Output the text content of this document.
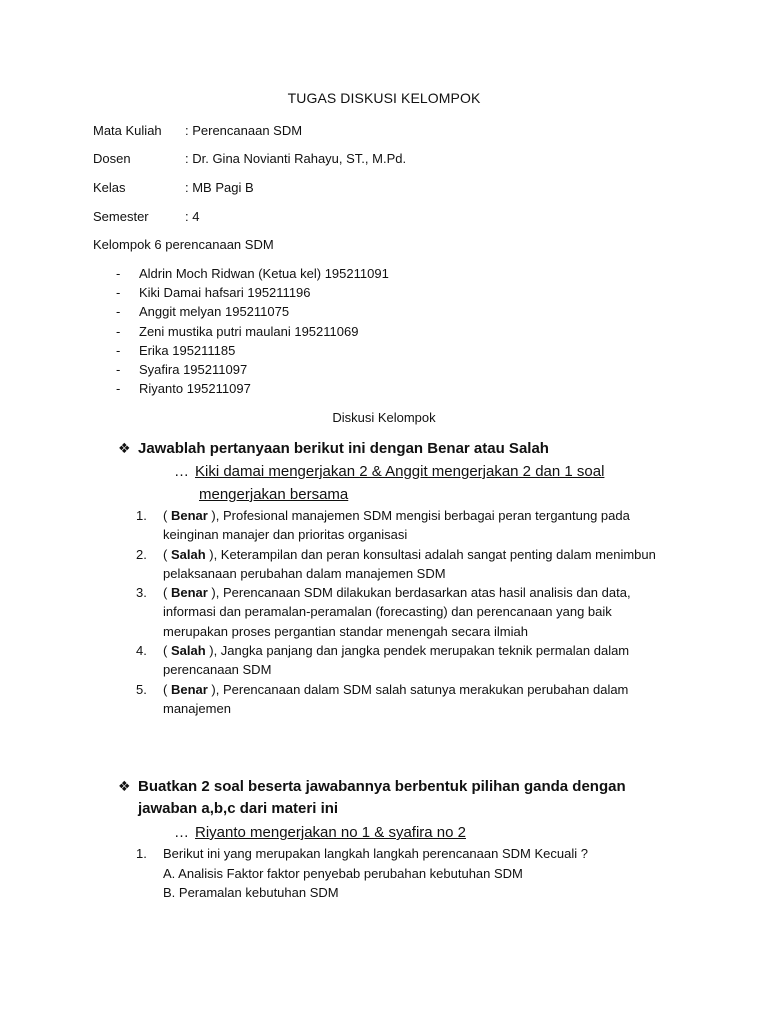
TUGAS DISKUSI KELOMPOK
Mata Kuliah : Perencanaan SDM
Dosen	: Dr. Gina Novianti Rahayu, ST., M.Pd.
Kelas	: MB Pagi B
Semester	: 4
Kelompok 6 perencanaan SDM
- Aldrin Moch Ridwan (Ketua kel) 195211091
- Kiki Damai hafsari 195211196
- Anggit melyan 195211075
- Zeni mustika putri maulani 195211069
- Erika 195211185
- Syafira 195211097
- Riyanto 195211097
Diskusi Kelompok
❖ Jawablah pertanyaan berikut ini dengan Benar atau Salah
… Kiki damai mengerjakan 2 & Anggit mengerjakan 2 dan 1 soal
mengerjakan bersama
1. ( Benar ), Profesional manajemen SDM mengisi berbagai peran tergantung pada keinginan manajer dan prioritas organisasi
2. ( Salah ), Keterampilan dan peran konsultasi adalah sangat penting dalam menimbun pelaksanaan perubahan dalam manajemen SDM
3. ( Benar ), Perencanaan SDM dilakukan berdasarkan atas hasil analisis dan data, informasi dan peramalan-peramalan (forecasting) dan perencanaan yang baik merupakan proses pergantian standar menengah secara ilmiah
4. ( Salah ), Jangka panjang dan jangka pendek merupakan teknik permalan dalam perencanaan SDM
5. ( Benar ), Perencanaan dalam SDM salah satunya merakukan perubahan dalam manajemen
❖ Buatkan 2 soal beserta jawabannya berbentuk pilihan ganda dengan
jawaban a,b,c dari materi ini
… Riyanto mengerjakan no 1 & syafira no 2
1. Berikut ini yang merupakan langkah langkah perencanaan SDM Kecuali ?
A. Analisis Faktor faktor penyebab perubahan kebutuhan SDM
B. Peramalan kebutuhan SDM
